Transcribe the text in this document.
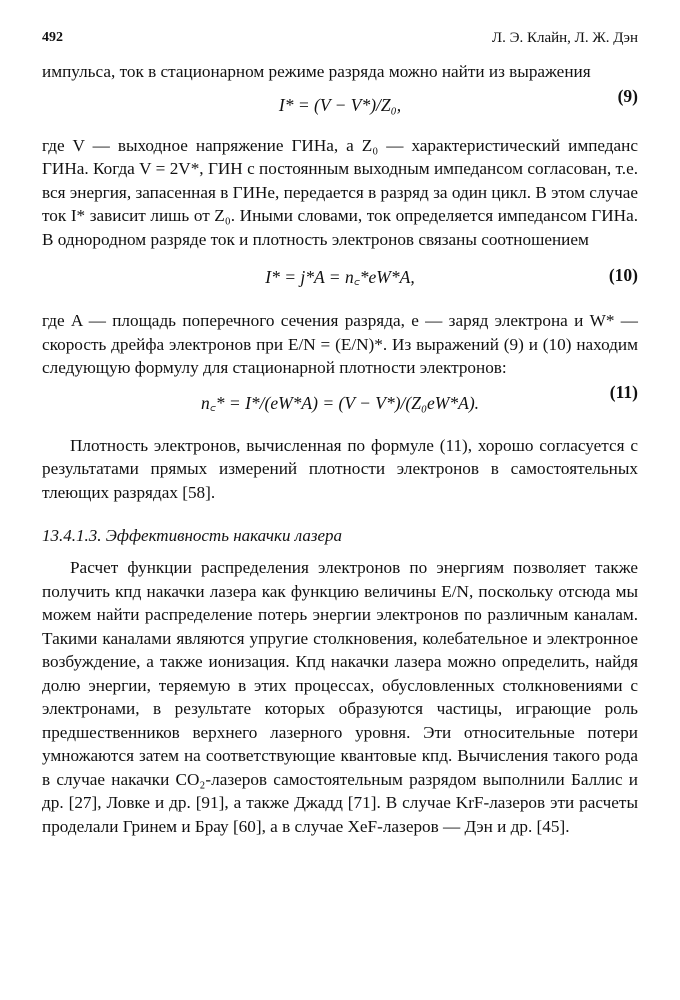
492	Л. Э. Клайн, Л. Ж. Дэн

импульса, ток в стационарном режиме разряда можно найти из выражения

I* = (V − V*)/Z₀,	(9)

где V — выходное напряжение ГИНа, а Z₀ — характеристический импеданс ГИНа. Когда V = 2V*, ГИН с постоянным выходным импедансом согласован, т.е. вся энергия, запасенная в ГИНе, передается в разряд за один цикл. В этом случае ток I* зависит лишь от Z₀. Иными словами, ток определяется импедансом ГИНа. В однородном разряде ток и плотность электронов связаны соотношением

I* = j*A = n꜀*eW*A,	(10)

где A — площадь поперечного сечения разряда, e — заряд электрона и W* — скорость дрейфа электронов при E/N = (E/N)*. Из выражений (9) и (10) находим следующую формулу для стационарной плотности электронов:

n꜀* = I*/(eW*A) = (V − V*)/(Z₀eW*A).
(11)

Плотность электронов, вычисленная по формуле (11), хорошо согласуется с результатами прямых измерений плотности электронов в самостоятельных тлеющих разрядах [58].

13.4.1.3. Эффективность накачки лазера

Расчет функции распределения электронов по энергиям позволяет также получить кпд накачки лазера как функцию величины E/N, поскольку отсюда мы можем найти распределение потерь энергии электронов по различным каналам. Такими каналами являются упругие столкновения, колебательное и электронное возбуждение, а также ионизация. Кпд накачки лазера можно определить, найдя долю энергии, теряемую в этих процессах, обусловленных столкновениями с электронами, в результате которых образуются частицы, играющие роль предшественников верхнего лазерного уровня. Эти относительные потери умножаются затем на соответствующие квантовые кпд. Вычисления такого рода в случае накачки CO₂-лазеров самостоятельным разрядом выполнили Баллис и др. [27], Ловке и др. [91], а также Джадд [71]. В случае KrF-лазеров эти расчеты проделали Гринем и Брау [60], а в случае XeF-лазеров — Дэн и др. [45].
